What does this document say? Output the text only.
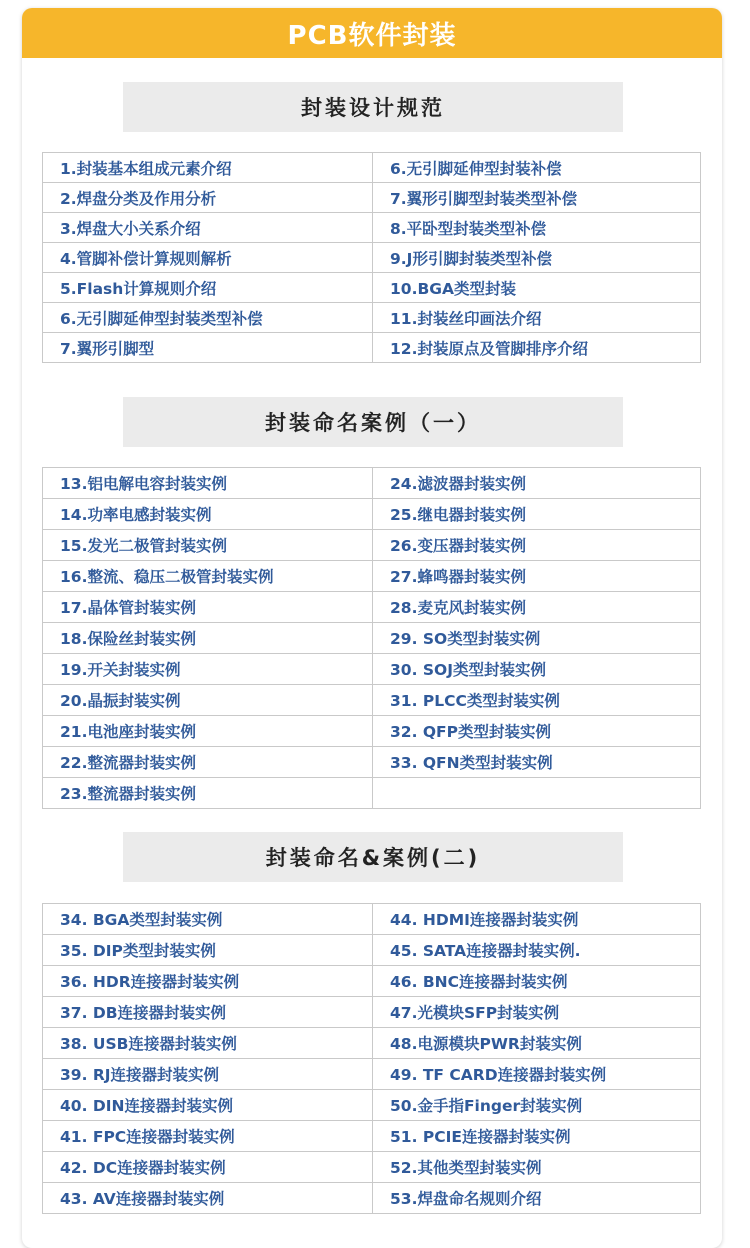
PCB软件封装
封装设计规范
1.封装基本组成元素介绍	6.无引脚延伸型封装补偿
2.焊盘分类及作用分析	7.翼形引脚型封装类型补偿
3.焊盘大小关系介绍	8.平卧型封装类型补偿
4.管脚补偿计算规则解析	9.J形引脚封装类型补偿
5.Flash计算规则介绍	10.BGA类型封装
6.无引脚延伸型封装类型补偿	11.封装丝印画法介绍
7.翼形引脚型	12.封装原点及管脚排序介绍
封装命名案例（一）
13.铝电解电容封装实例	24.滤波器封装实例
14.功率电感封装实例	25.继电器封装实例
15.发光二极管封装实例	26.变压器封装实例
16.整流、稳压二极管封装实例	27.蜂鸣器封装实例
17.晶体管封装实例	28.麦克风封装实例
18.保险丝封装实例	29. SO类型封装实例
19.开关封装实例	30. SOJ类型封装实例
20.晶振封装实例	31. PLCC类型封装实例
21.电池座封装实例	32. QFP类型封装实例
22.整流器封装实例	33. QFN类型封装实例
23.整流器封装实例
封装命名&案例(二)
34. BGA类型封装实例	44. HDMI连接器封装实例
35. DIP类型封装实例	45. SATA连接器封装实例.
36. HDR连接器封装实例	46. BNC连接器封装实例
37. DB连接器封装实例	47.光模块SFP封装实例
38. USB连接器封装实例	48.电源模块PWR封装实例
39. RJ连接器封装实例	49. TF CARD连接器封装实例
40. DIN连接器封装实例	50.金手指Finger封装实例
41. FPC连接器封装实例	51. PCIE连接器封装实例
42. DC连接器封装实例	52.其他类型封装实例
43. AV连接器封装实例	53.焊盘命名规则介绍
